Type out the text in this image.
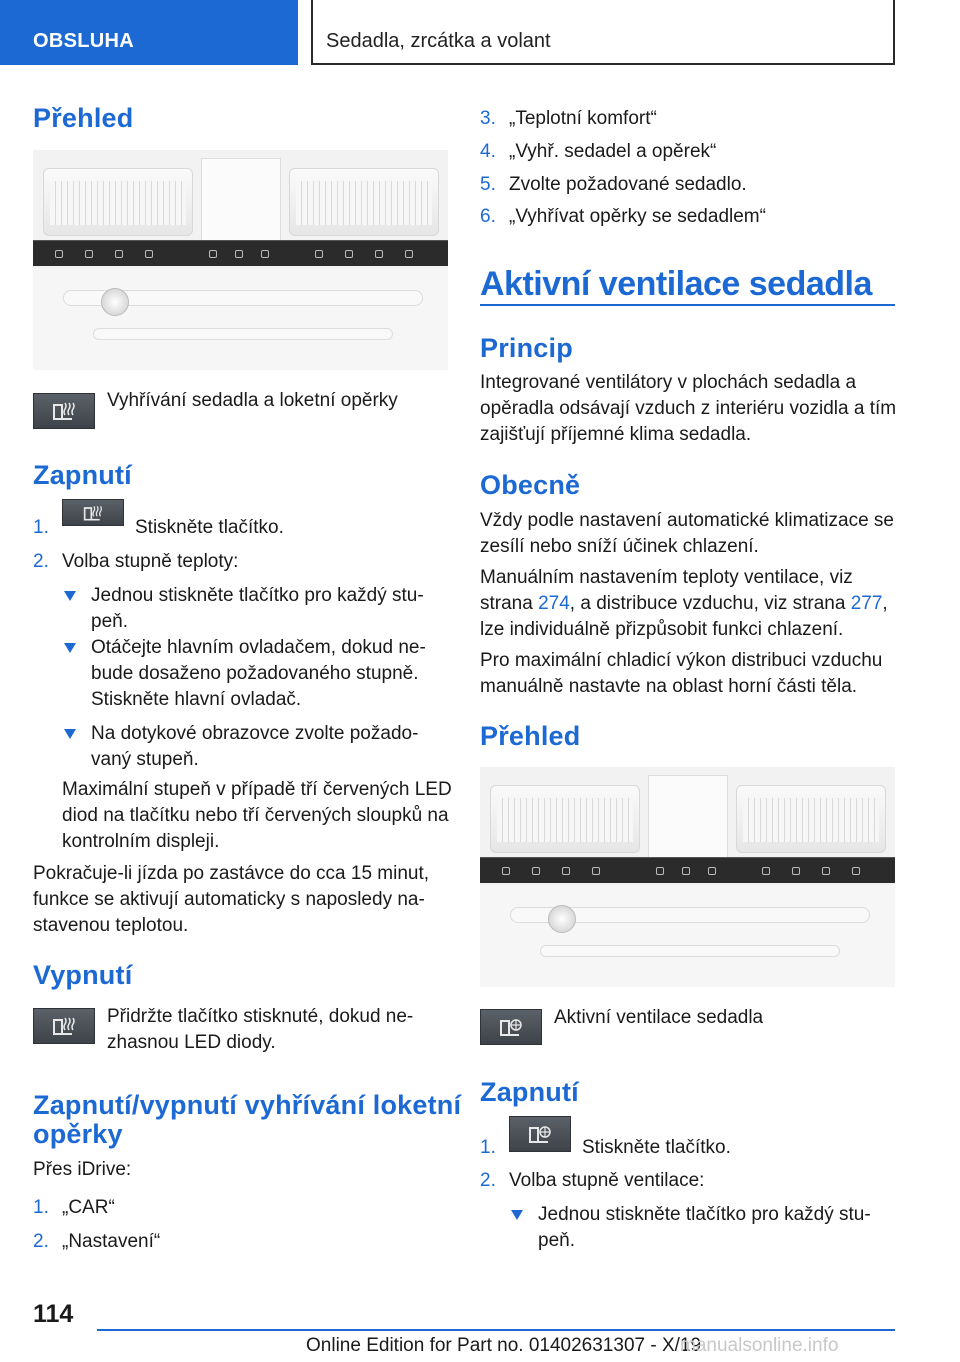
OBSLUHA	Sedadla, zrcátka a volant
Přehled

Vyhřívání sedadla a loketní opěrky

Zapnutí
1.	Stiskněte tlačítko.

2. Volba stupně teploty:

Jednou stiskněte tlačítko pro každý stu-

peň.

Otáčejte hlavním ovladačem, dokud ne-

bude dosaženo požadovaného stupně.

Stiskněte hlavní ovladač.

Na dotykové obrazovce zvolte požado-

vaný stupeň.

Maximální stupeň v případě tří červených LED

diod na tlačítku nebo tří červených sloupků na

kontrolním displeji.

Pokračuje-li jízda po zastávce do cca 15 minut,

funkce se aktivují automaticky s naposledy na-

stavenou teplotou.

Vypnutí

Přidržte tlačítko stisknuté, dokud ne-

zhasnou LED diody.

Zapnutí/vypnutí vyhřívání loketní
opěrky

Přes iDrive:

1. „CAR“

2. „Nastavení“

3. „Teplotní komfort“

4. „Vyhř. sedadel a opěrek“

5. Zvolte požadované sedadlo.

6. „Vyhřívat opěrky se sedadlem“

Aktivní ventilace sedadla
Princip

Integrované ventilátory v plochách sedadla a

opěradla odsávají vzduch z interiéru vozidla a tím

zajišťují příjemné klima sedadla.

Obecně

Vždy podle nastavení automatické klimatizace se

zesílí nebo sníží účinek chlazení.

Manuálním nastavením teploty ventilace, viz

strana 274, a distribuce vzduchu, viz strana 277,

lze individuálně přizpůsobit funkci chlazení.

Pro maximální chladicí výkon distribuci vzduchu

manuálně nastavte na oblast horní části těla.

Přehled

Aktivní ventilace sedadla

Zapnutí
1.	Stiskněte tlačítko.

2. Volba stupně ventilace:

Jednou stiskněte tlačítko pro každý stu-

peň.

114
Online Edition for Part no. 01402631307 - X/19
manualsonline.info
